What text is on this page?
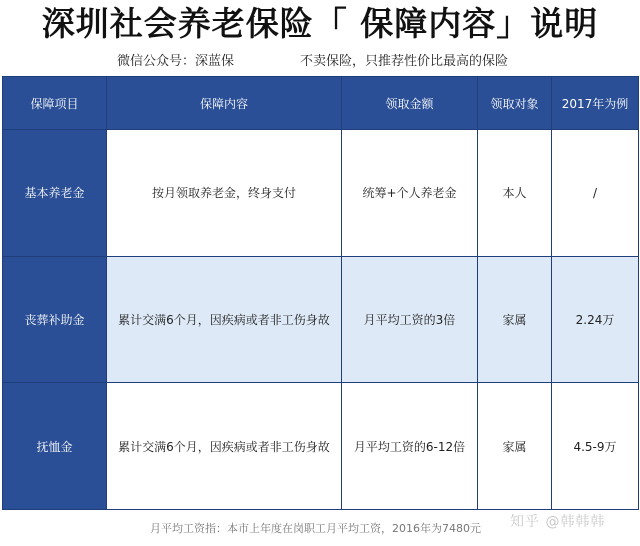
深圳社会养老保险「 保障内容」说明
微信公众号：深蓝保	不卖保险，只推荐性价比最高的保险
保障项目	保障内容	领取金额	领取对象	2017年为例
基本养老金	按月领取养老金，终身支付	统筹+个人养老金	本人	/
丧葬补助金	累计交满6个月，因疾病或者非工伤身故	月平均工资的3倍	家属	2.24万
抚恤金	累计交满6个月，因疾病或者非工伤身故	月平均工资的6-12倍	家属	4.5-9万
月平均工资指：本市上年度在岗职工月平均工资，2016年为7480元 知乎 @韩韩韩
